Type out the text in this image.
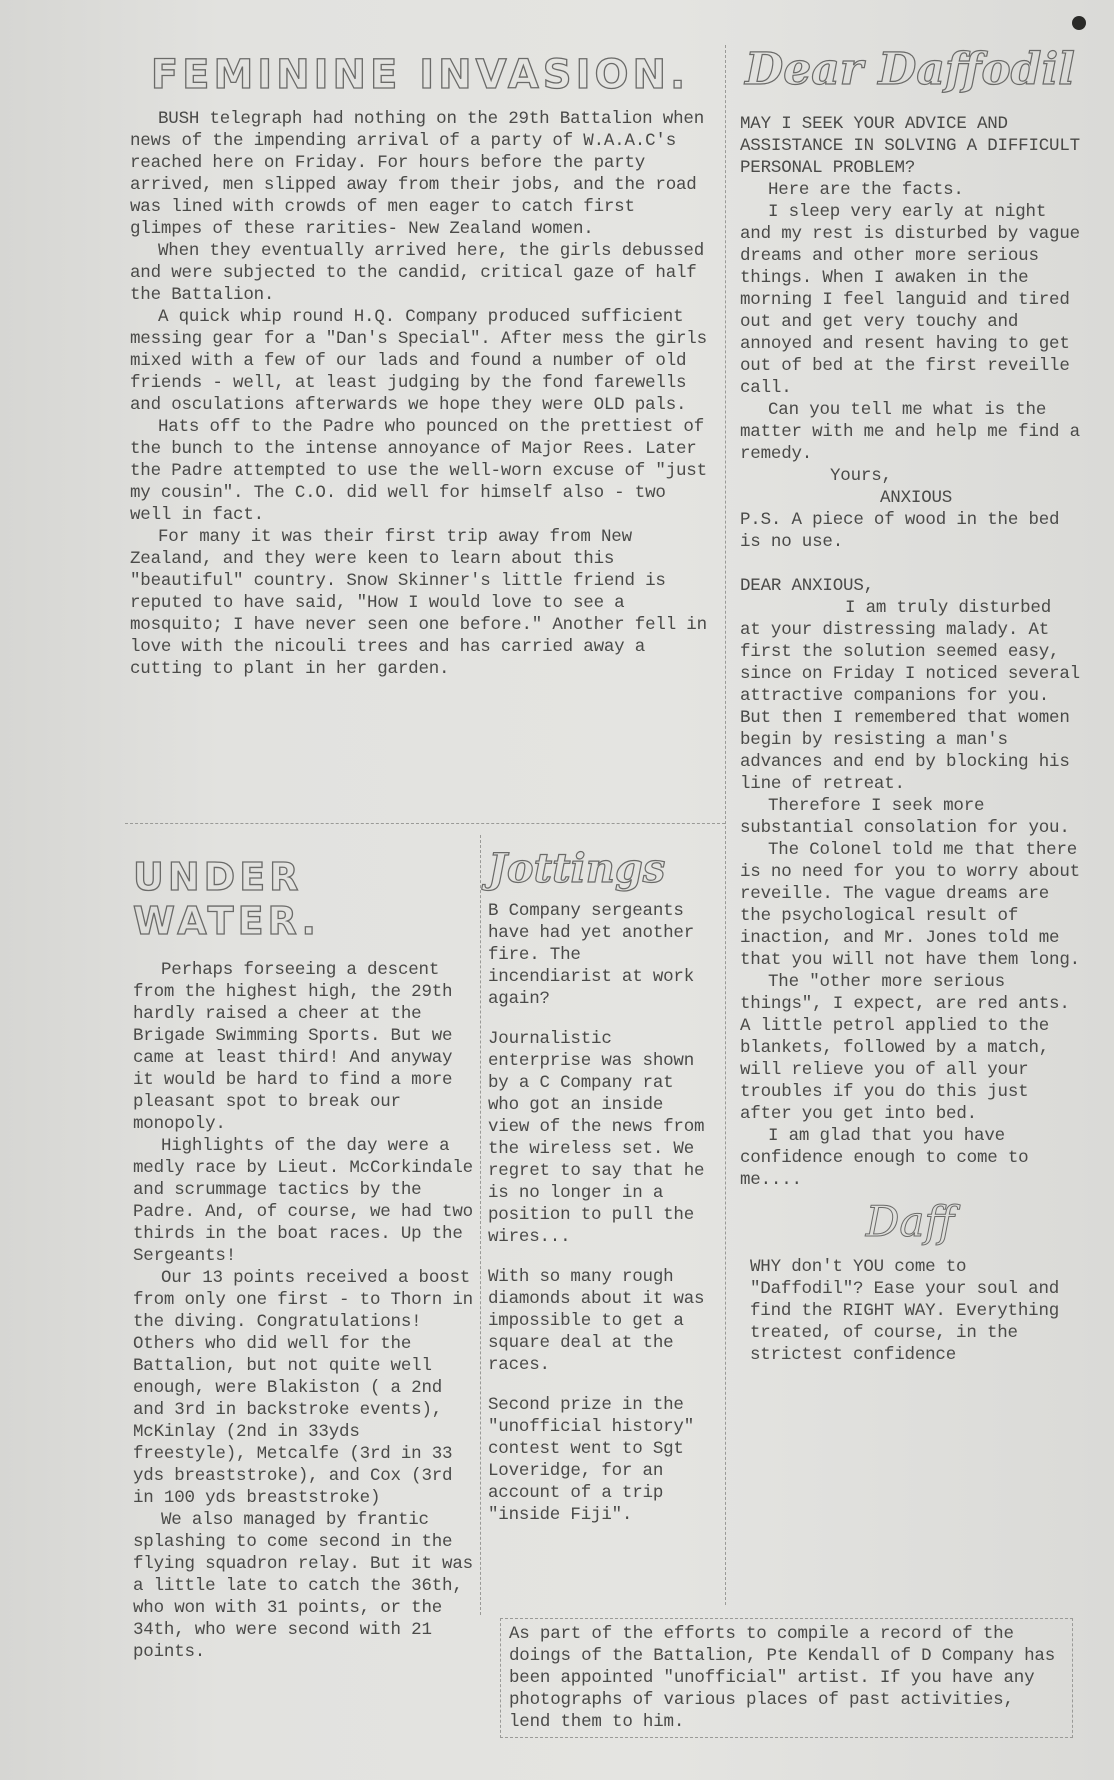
FEMININE INVASION.

BUSH telegraph had nothing on the 29th Battalion when news of the impending arrival of a party of W.A.A.C's reached here on Friday. For hours before the party arrived, men slipped away from their jobs, and the road was lined with crowds of men eager to catch first glimpes of these rarities- New Zealand women.

When they eventually arrived here, the girls debussed and were subjected to the candid, critical gaze of half the Battalion.

A quick whip round H.Q. Company produced sufficient messing gear for a "Dan's Special". After mess the girls mixed with a few of our lads and found a number of old friends - well, at least judging by the fond farewells and osculations afterwards we hope they were OLD pals.

Hats off to the Padre who pounced on the prettiest of the bunch to the intense annoyance of Major Rees. Later the Padre attempted to use the well-worn excuse of "just my cousin". The C.O. did well for himself also - two well in fact.

For many it was their first trip away from New Zealand, and they were keen to learn about this "beautiful" country. Snow Skinner's little friend is reputed to have said, "How I would love to see a mosquito; I have never seen one before." Another fell in love with the nicouli trees and has carried away a cutting to plant in her garden.

Dear Daffodil

MAY I SEEK YOUR ADVICE AND ASSISTANCE IN SOLVING A DIFFICULT PERSONAL PROBLEM?

Here are the facts.

I sleep very early at night and my rest is disturbed by vague dreams and other more serious things. When I awaken in the morning I feel languid and tired out and get very touchy and annoyed and resent having to get out of bed at the first reveille call.

Can you tell me what is the matter with me and help me find a remedy.

Yours,

ANXIOUS

P.S. A piece of wood in the bed is no use.

DEAR ANXIOUS,

I am truly disturbed at your distressing malady. At first the solution seemed easy, since on Friday I noticed several attractive companions for you. But then I remembered that women begin by resisting a man's advances and end by blocking his line of retreat.

Therefore I seek more substantial consolation for you.

The Colonel told me that there is no need for you to worry about reveille. The vague dreams are the psychological result of inaction, and Mr. Jones told me that you will not have them long.

The "other more serious things", I expect, are red ants. A little petrol applied to the blankets, followed by a match, will relieve you of all your troubles if you do this just after you get into bed.

I am glad that you have confidence enough to come to me....

Daff

WHY don't YOU come to "Daffodil"? Ease your soul and find the RIGHT WAY. Everything treated, of course, in the strictest confidence

UNDER WATER.

Perhaps forseeing a descent from the highest high, the 29th hardly raised a cheer at the Brigade Swimming Sports. But we came at least third! And anyway it would be hard to find a more pleasant spot to break our monopoly.

Highlights of the day were a medly race by Lieut. McCorkindale and scrummage tactics by the Padre. And, of course, we had two thirds in the boat races. Up the Sergeants!

Our 13 points received a boost from only one first - to Thorn in the diving. Congratulations! Others who did well for the Battalion, but not quite well enough, were Blakiston ( a 2nd and 3rd in backstroke events), McKinlay (2nd in 33yds freestyle), Metcalfe (3rd in 33 yds breaststroke), and Cox (3rd in 100 yds breaststroke)

We also managed by frantic splashing to come second in the flying squadron relay. But it was a little late to catch the 36th, who won with 31 points, or the 34th, who were second with 21 points.

Jottings

B Company sergeants have had yet another fire. The incendiarist at work again?

Journalistic enterprise was shown by a C Company rat who got an inside view of the news from the wireless set. We regret to say that he is no longer in a position to pull the wires...

With so many rough diamonds about it was impossible to get a square deal at the races.

Second prize in the "unofficial history" contest went to Sgt Loveridge, for an account of a trip "inside Fiji".

As part of the efforts to compile a record of the doings of the Battalion, Pte Kendall of D Company has been appointed "unofficial" artist. If you have any photographs of various places of past activities, lend them to him.
